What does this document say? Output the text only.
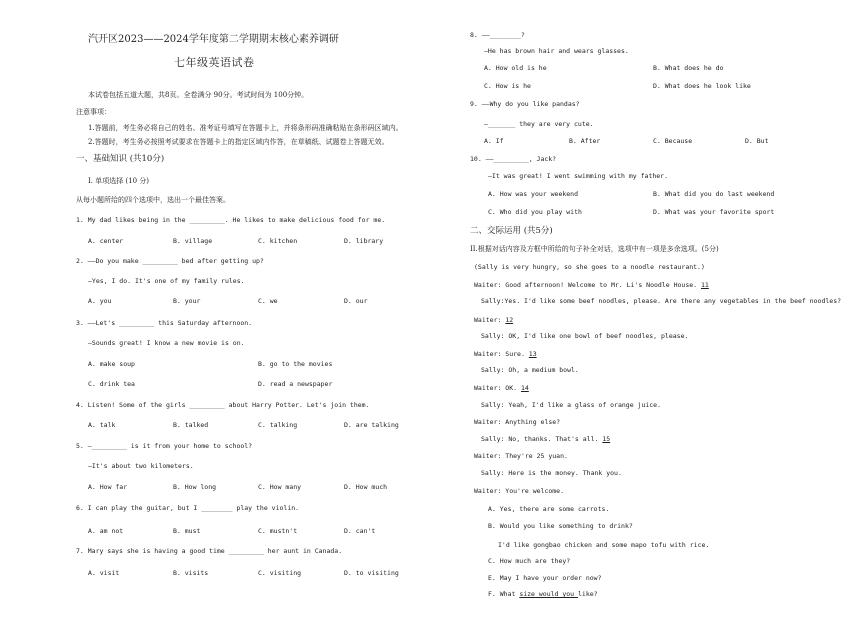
汽开区2023——2024学年度第二学期期末核心素养调研
七年级英语试卷
本试卷包括五道大题，共8页。全卷满分 90分。考试时间为 100分钟。
注意事项：
1.答题前，考生务必将自己的姓名、准考证号填写在答题卡上，并将条形码准确粘贴在条形码区域内。
2.答题时，考生务必按照考试要求在答题卡上的指定区域内作答，在草稿纸、试题卷上答题无效。
一、基础知识 (共10分)
I. 单项选择 (10 分)
从每小题所给的四个选项中，选出一个最佳答案。
1. My dad likes being in the _________. He likes to make delicious food for me.
A. center	B. village	C. kitchen	D. library
2. ——Do you make _________ bed after getting up?
—Yes, I do. It's one of my family rules.
A. you	B. your	C. we	D. our
3. ——Let's _________ this Saturday afternoon.
—Sounds great! I know a new movie is on.
A. make soup	B. go to the movies
C. drink tea	D. read a newspaper
4. Listen! Some of the girls _________ about Harry Potter. Let's join them.
A. talk	B. talked	C. talking	D. are talking
5. —_________ is it from your home to school?
—It's about two kilometers.
A. How far	B. How long	C. How many	D. How much
6. I can play the guitar, but I ________ play the violin.
A. am not	B. must	C. mustn't	D. can't
7. Mary says she is having a good time _________ her aunt in Canada.
A. visit	B. visits	C. visiting	D. to visiting
8. ——________?
—He has brown hair and wears glasses.
A. How old is he	B. What does he do
C. How is he	D. What does he look like
9. ——Why do you like pandas?
—_______ they are very cute.
A. If	B. After	C. Because	D. But
10. ——_________, Jack?
—It was great! I went swimming with my father.
A. How was your weekend	B. What did you do last weekend
C. Who did you play with	D. What was your favorite sport
二、交际运用 (共5分)
II.根据对话内容及方框中所给的句子补全对话，选项中有一项是多余选项。(5分)
(Sally is very hungry, so she goes to a noodle restaurant.)
Waiter: Good afternoon! Welcome to Mr. Li's Noodle House. 11
Sally:Yes. I'd like some beef noodles, please. Are there any vegetables in the beef noodles?
Waiter: 12
Sally: OK, I'd like one bowl of beef noodles, please.
Waiter: Sure. 13
Sally: Oh, a medium bowl.
Waiter: OK. 14
Sally: Yeah, I'd like a glass of orange juice.
Waiter: Anything else?
Sally: No, thanks. That's all. 15
Waiter: They're 25 yuan.
Sally: Here is the money. Thank you.
Waiter: You're welcome.
A. Yes, there are some carrots.
B. Would you like something to drink?
I'd like gongbao chicken and some mapo tofu with rice.
C. How much are they?
E. May I have your order now?
F. What size would you like?
